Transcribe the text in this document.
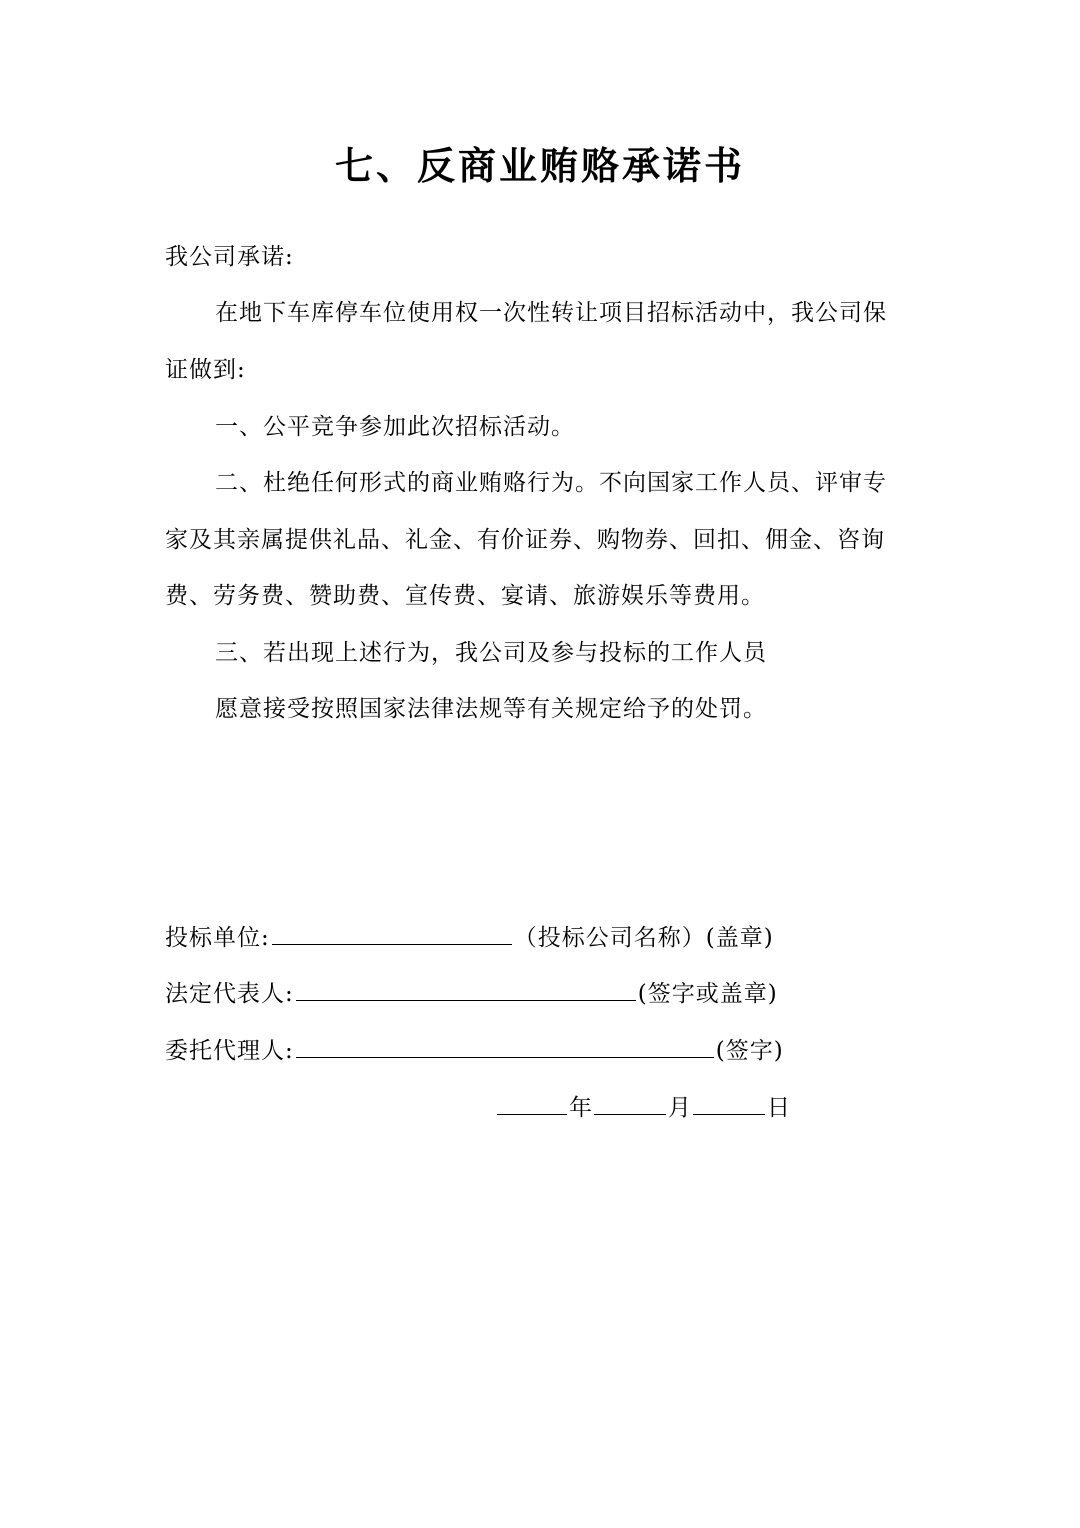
七、反商业贿赂承诺书
我公司承诺:
在地下车库停车位使用权一次性转让项目招标活动中，我公司保
证做到:
一、公平竞争参加此次招标活动。
二、杜绝任何形式的商业贿赂行为。不向国家工作人员、评审专
家及其亲属提供礼品、礼金、有价证券、购物券、回扣、佣金、咨询
费、劳务费、赞助费、宣传费、宴请、旅游娱乐等费用。
三、若出现上述行为，我公司及参与投标的工作人员
愿意接受按照国家法律法规等有关规定给予的处罚。
投标单位:	（投标公司名称）(盖章)
法定代表人:	(签字或盖章)
委托代理人:	(签字)
年	月	日
